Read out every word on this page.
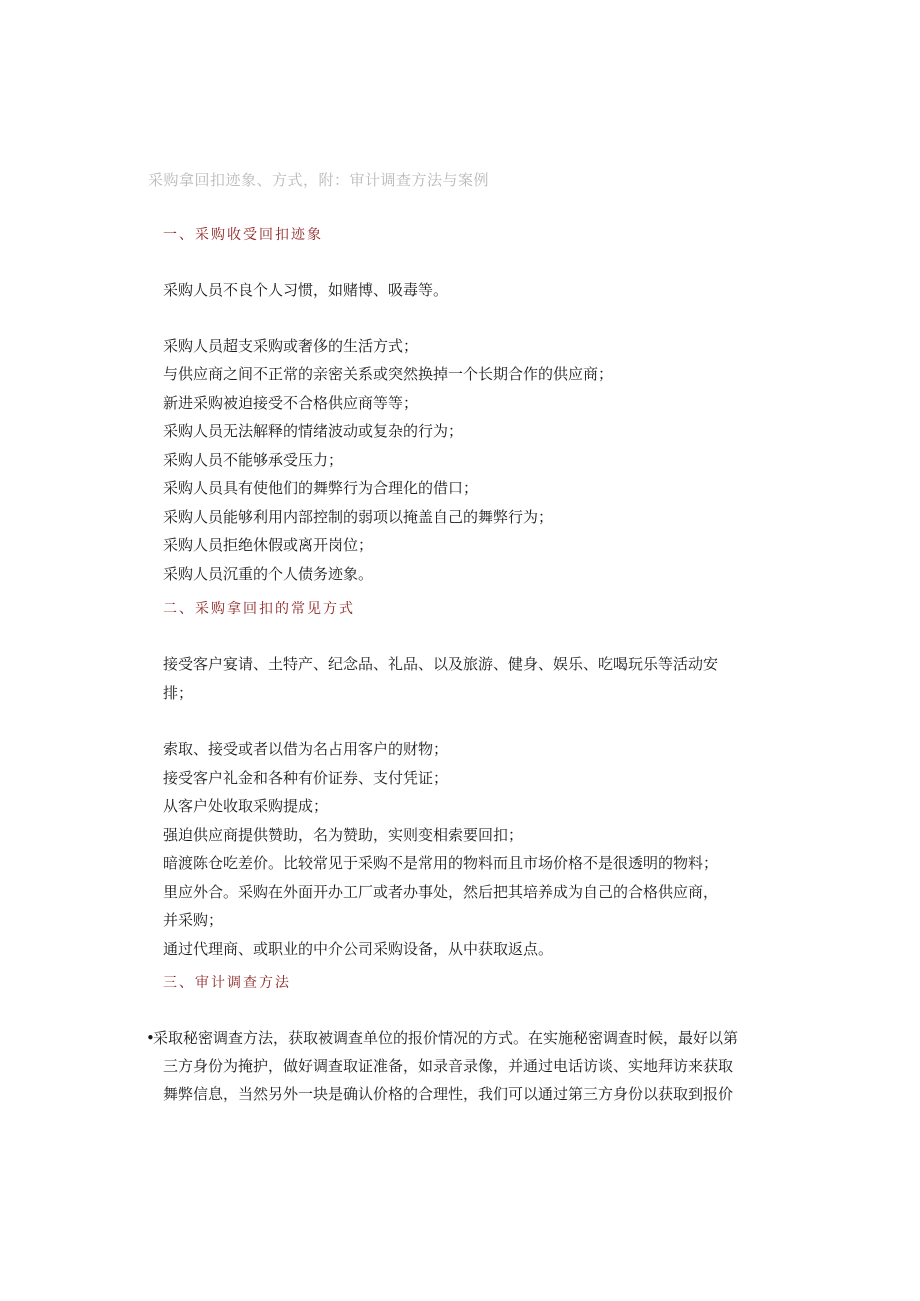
采购拿回扣迹象、方式，附：审计调查方法与案例
一、采购收受回扣迹象
采购人员不良个人习惯，如赌博、吸毒等。
采购人员超支采购或奢侈的生活方式；
与供应商之间不正常的亲密关系或突然换掉一个长期合作的供应商；
新进采购被迫接受不合格供应商等等；
采购人员无法解释的情绪波动或复杂的行为；
采购人员不能够承受压力；
采购人员具有使他们的舞弊行为合理化的借口；
采购人员能够利用内部控制的弱项以掩盖自己的舞弊行为；
采购人员拒绝休假或离开岗位；
采购人员沉重的个人债务迹象。
二、采购拿回扣的常见方式
接受客户宴请、土特产、纪念品、礼品、以及旅游、健身、娱乐、吃喝玩乐等活动安
排；
索取、接受或者以借为名占用客户的财物；
接受客户礼金和各种有价证券、支付凭证；
从客户处收取采购提成；
强迫供应商提供赞助，名为赞助，实则变相索要回扣；
暗渡陈仓吃差价。比较常见于采购不是常用的物料而且市场价格不是很透明的物料；
里应外合。采购在外面开办工厂或者办事处，然后把其培养成为自己的合格供应商，
并采购；
通过代理商、或职业的中介公司采购设备，从中获取返点。
三、审计调查方法
•采取秘密调查方法，获取被调查单位的报价情况的方式。在实施秘密调查时候，最好以第
三方身份为掩护，做好调查取证准备，如录音录像，并通过电话访谈、实地拜访来获取
舞弊信息，当然另外一块是确认价格的合理性，我们可以通过第三方身份以获取到报价
